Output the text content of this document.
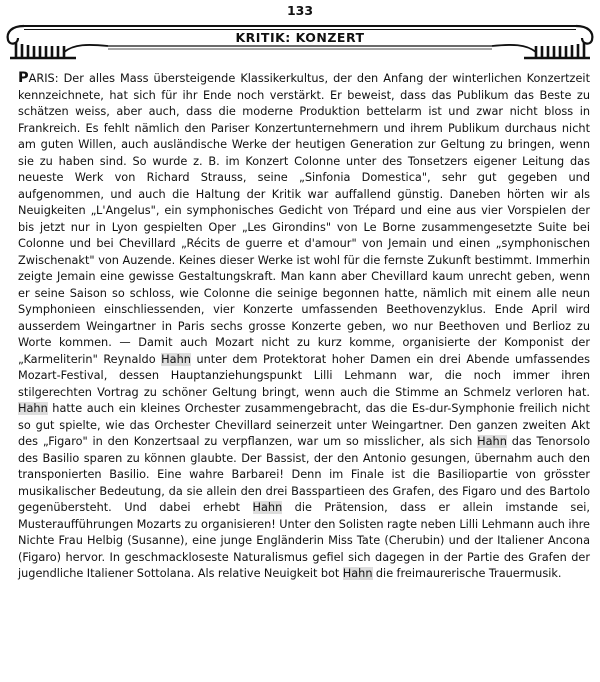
133
KRITIK: KONZERT
PARIS: Der alles Mass übersteigende Klassikerkultus, der den Anfang der winterlichen Konzertzeit kennzeichnete, hat sich für ihr Ende noch verstärkt. Er beweist, dass das Publikum das Beste zu schätzen weiss, aber auch, dass die moderne Produktion bettelarm ist und zwar nicht bloss in Frankreich. Es fehlt nämlich den Pariser Konzertunternehmern und ihrem Publikum durchaus nicht am guten Willen, auch ausländische Werke der heutigen Generation zur Geltung zu bringen, wenn sie zu haben sind. So wurde z. B. im Konzert Colonne unter des Tonsetzers eigener Leitung das neueste Werk von Richard Strauss, seine „Sinfonia Domestica", sehr gut gegeben und aufgenommen, und auch die Haltung der Kritik war auffallend günstig. Daneben hörten wir als Neuigkeiten „L'Angelus", ein symphonisches Gedicht von Trépard und eine aus vier Vorspielen der bis jetzt nur in Lyon gespielten Oper „Les Girondins" von Le Borne zusammengesetzte Suite bei Colonne und bei Chevillard „Récits de guerre et d'amour" von Jemain und einen „symphonischen Zwischenakt" von Auzende. Keines dieser Werke ist wohl für die fernste Zukunft bestimmt. Immerhin zeigte Jemain eine gewisse Gestaltungskraft. Man kann aber Chevillard kaum unrecht geben, wenn er seine Saison so schloss, wie Colonne die seinige begonnen hatte, nämlich mit einem alle neun Symphonieen einschliessenden, vier Konzerte umfassenden Beethovenzyklus. Ende April wird ausserdem Weingartner in Paris sechs grosse Konzerte geben, wo nur Beethoven und Berlioz zu Worte kommen. — Damit auch Mozart nicht zu kurz komme, organisierte der Komponist der „Karmeliterin" Reynaldo Hahn unter dem Protektorat hoher Damen ein drei Abende umfassendes Mozart-Festival, dessen Hauptanziehungspunkt Lilli Lehmann war, die noch immer ihren stilgerechten Vortrag zu schöner Geltung bringt, wenn auch die Stimme an Schmelz verloren hat. Hahn hatte auch ein kleines Orchester zusammengebracht, das die Es-dur-Symphonie freilich nicht so gut spielte, wie das Orchester Chevillard seinerzeit unter Weingartner. Den ganzen zweiten Akt des „Figaro" in den Konzertsaal zu verpflanzen, war um so misslicher, als sich Hahn das Tenorsolo des Basilio sparen zu können glaubte. Der Bassist, der den Antonio gesungen, übernahm auch den transponierten Basilio. Eine wahre Barbarei! Denn im Finale ist die Basiliopartie von grösster musikalischer Bedeutung, da sie allein den drei Basspartieen des Grafen, des Figaro und des Bartolo gegenübersteht. Und dabei erhebt Hahn die Prätension, dass er allein imstande sei, Musteraufführungen Mozarts zu organisieren! Unter den Solisten ragte neben Lilli Lehmann auch ihre Nichte Frau Helbig (Susanne), eine junge Engländerin Miss Tate (Cherubin) und der Italiener Ancona (Figaro) hervor. In geschmackloseste Naturalismus gefiel sich dagegen in der Partie des Grafen der jugendliche Italiener Sottolana. Als relative Neuigkeit bot Hahn die freimaurerische Trauermusik.
